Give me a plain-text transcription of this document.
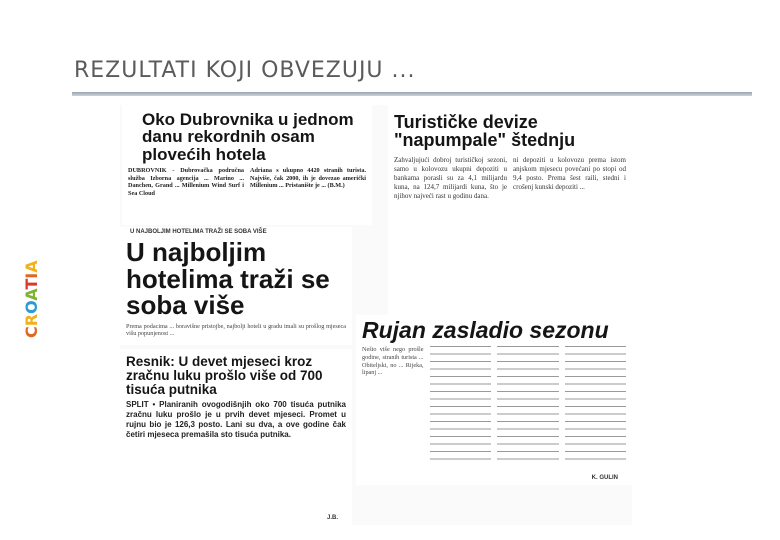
REZULTATI KOJI OBVEZUJU ...
CROATIA
Oko Dubrovnika u jednom danu rekordnih osam plovećih hotela
DUBROVNIK - Dubrovačka područna služba Izborna agencija ... Marino ... Danchen, Grand ... Millenium Wind Surf i Sea Cloud
Adriana s ukupno 4420 stranih turista. Najviše, čak 2000, ih je dovezao američki Millenium ... Pristanište je ... (B.M.)
Turističke devize "napumpale" štednju
Zahvaljujući dobroj turističkoj sezoni, samo u kolovozu ukupni depoziti u bankama porasli su za 4,1 milijardu kuna, na 124,7 milijardi kuna, što je njihov najveći rast u godinu dana.
ni depoziti u kolovozu prema istom anjskom mjesecu povećani po stopi od 9,4 posto. Prema šest raili, stedni i crošenj kunski depoziti ...
U NAJBOLJIM HOTELIMA TRAŽI SE SOBA VIŠE
U najboljim hotelima traži se soba više
Prema podacima ... boravišne pristojbe, najbolji hoteli u gradu imali su prošlog mjeseca višu popunjenost ...	Rujan zasladio sezonu
Nešto više nego prošle godine, stranih turista ... Obiteljski, no ... Rijeka, lipanj ...
K. GULIN
Resnik: U devet mjeseci kroz zračnu luku prošlo više od 700 tisuća putnika
SPLIT • Planiranih ovogodišnjih oko 700 tisuća putnika zračnu luku prošlo je u prvih devet mjeseci. Promet u rujnu bio je 126,3 posto. Lani su dva, a ove godine čak četiri mjeseca premašila sto tisuća putnika.
J.B.
